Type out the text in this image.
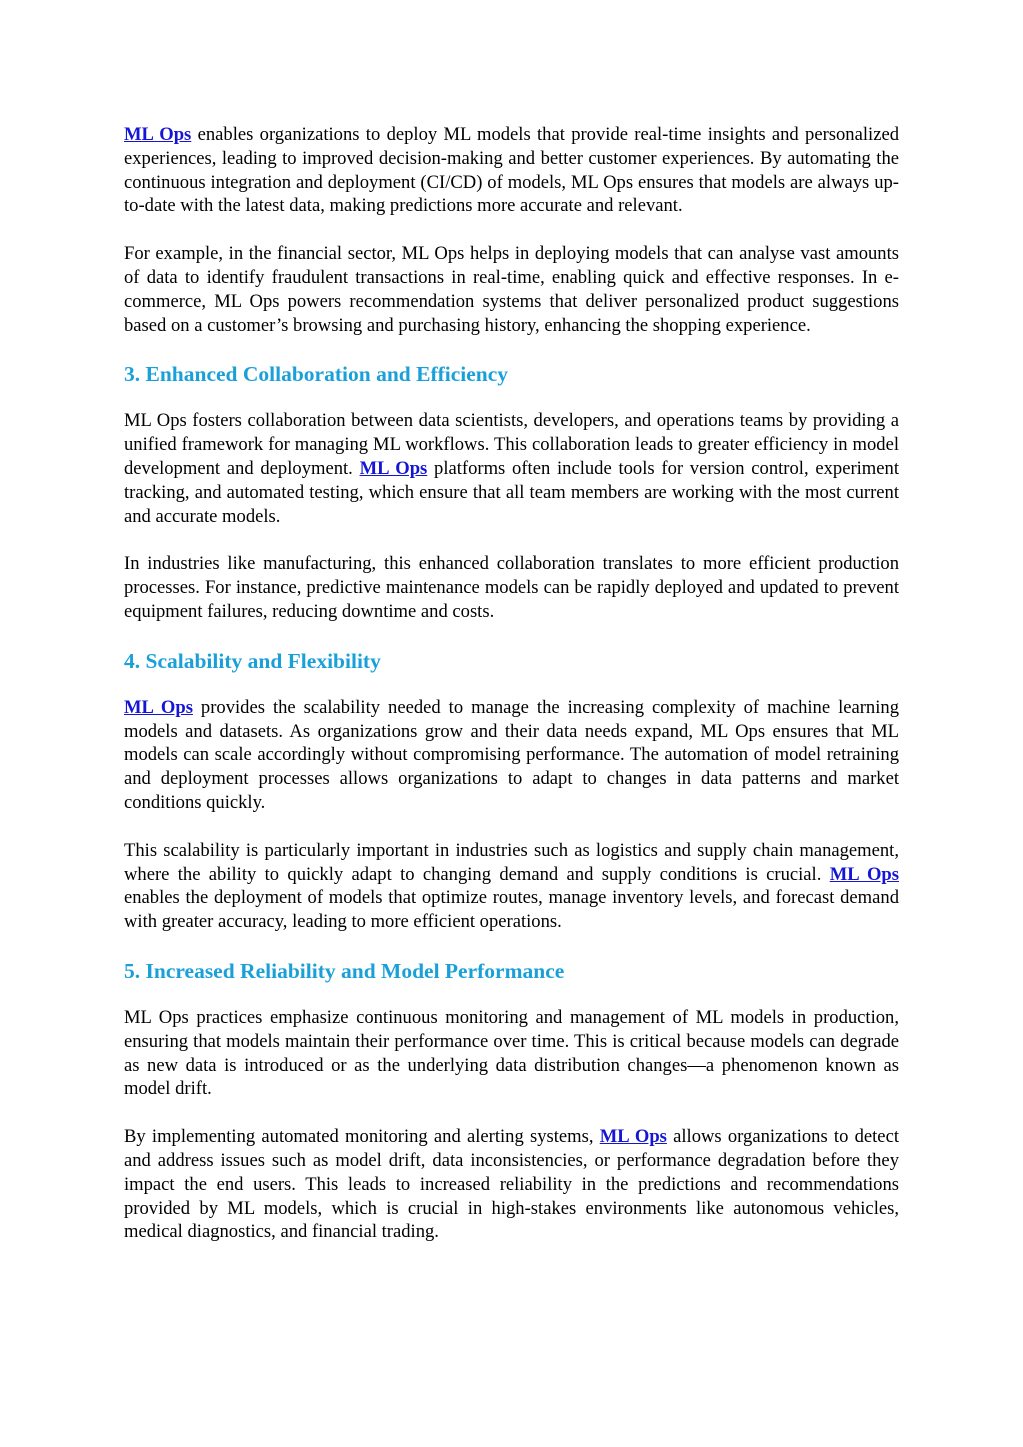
ML Ops enables organizations to deploy ML models that provide real-time insights and personalized experiences, leading to improved decision-making and better customer experiences. By automating the continuous integration and deployment (CI/CD) of models, ML Ops ensures that models are always up-to-date with the latest data, making predictions more accurate and relevant.

For example, in the financial sector, ML Ops helps in deploying models that can analyse vast amounts of data to identify fraudulent transactions in real-time, enabling quick and effective responses. In e-commerce, ML Ops powers recommendation systems that deliver personalized product suggestions based on a customer’s browsing and purchasing history, enhancing the shopping experience.

3. Enhanced Collaboration and Efficiency

ML Ops fosters collaboration between data scientists, developers, and operations teams by providing a unified framework for managing ML workflows. This collaboration leads to greater efficiency in model development and deployment. ML Ops platforms often include tools for version control, experiment tracking, and automated testing, which ensure that all team members are working with the most current and accurate models.

In industries like manufacturing, this enhanced collaboration translates to more efficient production processes. For instance, predictive maintenance models can be rapidly deployed and updated to prevent equipment failures, reducing downtime and costs.

4. Scalability and Flexibility

ML Ops provides the scalability needed to manage the increasing complexity of machine learning models and datasets. As organizations grow and their data needs expand, ML Ops ensures that ML models can scale accordingly without compromising performance. The automation of model retraining and deployment processes allows organizations to adapt to changes in data patterns and market conditions quickly.

This scalability is particularly important in industries such as logistics and supply chain management, where the ability to quickly adapt to changing demand and supply conditions is crucial. ML Ops enables the deployment of models that optimize routes, manage inventory levels, and forecast demand with greater accuracy, leading to more efficient operations.

5. Increased Reliability and Model Performance

ML Ops practices emphasize continuous monitoring and management of ML models in production, ensuring that models maintain their performance over time. This is critical because models can degrade as new data is introduced or as the underlying data distribution changes—a phenomenon known as model drift.

By implementing automated monitoring and alerting systems, ML Ops allows organizations to detect and address issues such as model drift, data inconsistencies, or performance degradation before they impact the end users. This leads to increased reliability in the predictions and recommendations provided by ML models, which is crucial in high-stakes environments like autonomous vehicles, medical diagnostics, and financial trading.
